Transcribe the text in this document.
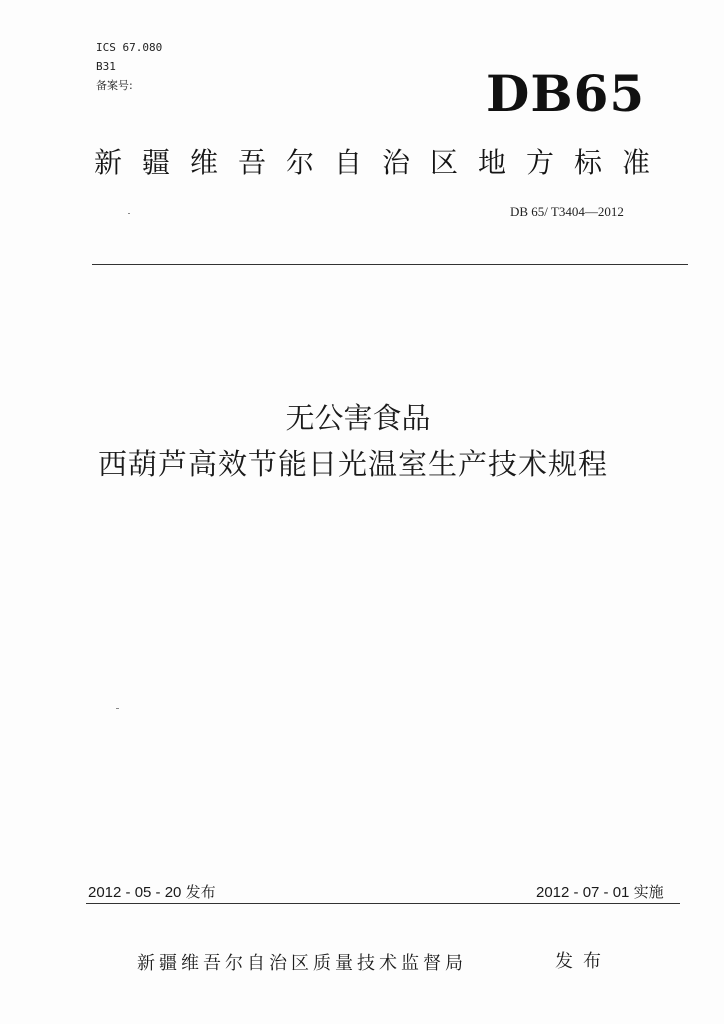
ICS 67.080
B31
备案号:	DB65
新疆维吾尔自治区地方标准
DB 65/ T3404—2012
无公害食品
西葫芦高效节能日光温室生产技术规程
2012 - 05 - 20 发布	2012 - 07 - 01 实施
新疆维吾尔自治区质量技术监督局	发布
